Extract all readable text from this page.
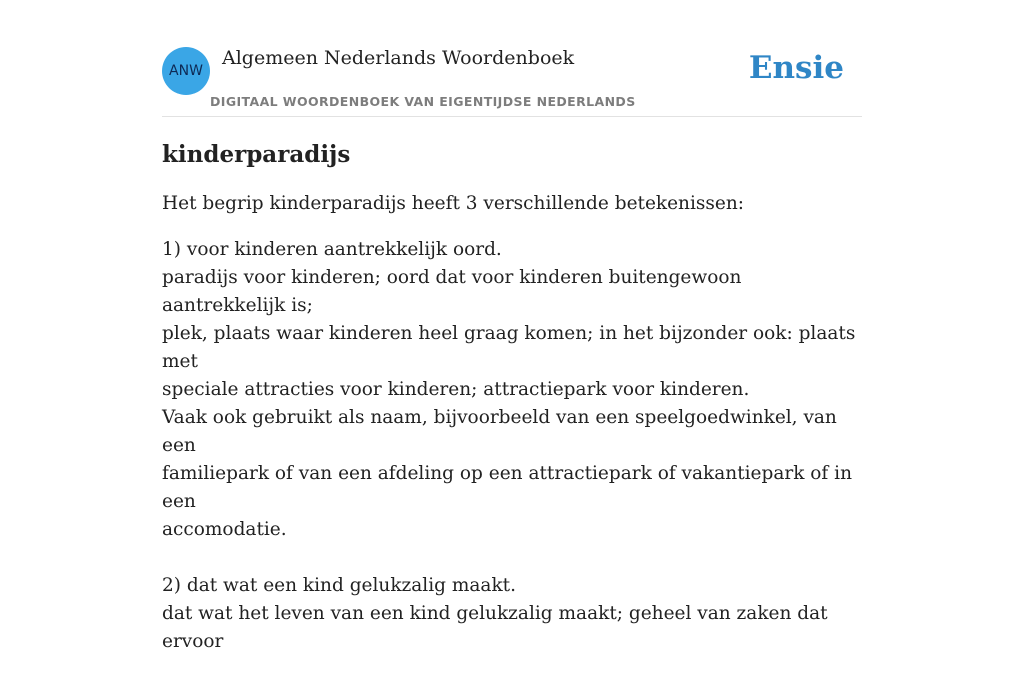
ANW
Algemeen Nederlands Woordenboek
DIGITAAL WOORDENBOEK VAN EIGENTIJDSE NEDERLANDS
Ensie
kinderparadijs

Het begrip kinderparadijs heeft 3 verschillende betekenissen:

1) voor kinderen aantrekkelijk oord.
paradijs voor kinderen; oord dat voor kinderen buitengewoon aantrekkelijk is;
plek, plaats waar kinderen heel graag komen; in het bijzonder ook: plaats met
speciale attracties voor kinderen; attractiepark voor kinderen.
Vaak ook gebruikt als naam, bijvoorbeeld van een speelgoedwinkel, van een
familiepark of van een afdeling op een attractiepark of vakantiepark of in een
accomodatie.
2) dat wat een kind gelukzalig maakt.
dat wat het leven van een kind gelukzalig maakt; geheel van zaken dat ervoor
